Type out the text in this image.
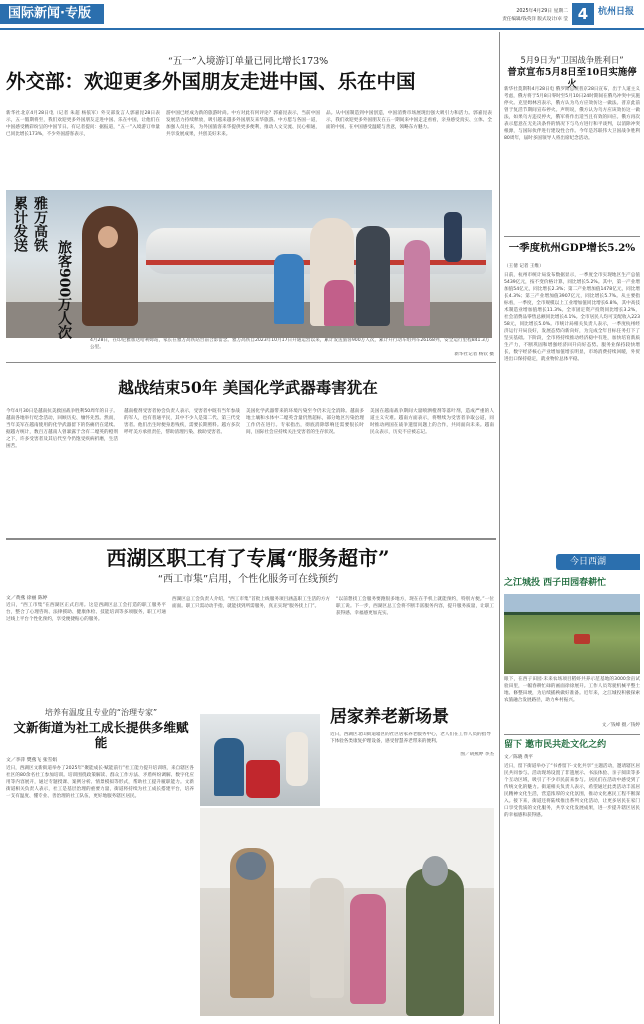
国际新闻·专版	2025年4月29日 星期二
责任编辑/钱英洋 版式设计/卓 莹 4	杭州日报
“五一”入境游订单量已同比增长173%
外交部：欢迎更多外国朋友走进中国、乐在中国
新华社北京4月28日电（记者 朱超 杨依军）外交部发言人郭嘉昆28日表示，五一假期将至，我们欢迎更多外国朋友走进中国、乐在中国，让他们在中国感受精彩纷呈的中国节日。有记者提问：据报道，“五一”入境游订单量已同比增长173%，不少外国游客表示，
游中国已经成为新的旅游时尚。中方对此有何评论？郭嘉昆表示，当前中国发展活力持续释放，吸引越来越多外国朋友来华旅游。中方愿与各国一道，加强人员往来，为外国旅客来华提供更多便利，推动人文交流、民心相通，共享发展成果，共创美好未来。
品。从中国制造到中国创造，中国消费市场展现出强大吸引力和活力。郭嘉昆表示，我们欢迎更多外国朋友在五一期间来中国走走看看，亲身感受真实、立体、全面的中国，在中国感受温暖与善意，领略东方魅力。
雅万高铁
累计发送
旅客900万人次
4月28日，在印尼雅加达哈利姆站，家长在雅万高铁站台前合影留念。雅万高铁自2023年10月17日开通运营以来，累计发送旅客900万人次，累计开行动车组列车26168列，安全运行里程841.3万公里。
新华社记者 杨钦 摄
越战结束50年 美国化学武器毒害犹在
今年4月30日是越南抗美救国战争胜利50周年的日子。越南各地举行纪念活动，回顾历史、缅怀先烈。然而，当年美军在越南使用的化学武器留下的伤痛仍在延续。据越方统计，数百万越南人曾暴露于含有二噁英的橙剂之下，许多受害者及其后代至今仍饱受疾病折磨，生活困苦。
越南橙剂受害者协会负责人表示，受害者中既有当年参战的军人，也有普通平民，其中不少人是第二代、第三代受害者。他们出生时便身患残疾，需要长期照料。越方多次呼吁美方承担责任，帮助清理污染、救助受害者。
美国化学武器带来的环境污染至今仍未完全消除。越南多地土壤和水体中二噁英含量仍然超标，部分地区污染治理工作仍在进行。专家指出，彻底消除影响还需要很长时间，国际社会应持续关注受害者的生存状况。
美国在越南战争期间大量喷洒橙剂等落叶剂，造成严重的人道主义灾难。越南方面表示，将继续为受害者争取公道，同时推动两国在战争遗留问题上的合作，共同面向未来。越南民众表示，历史不应被忘记。
西湖区职工有了专属“服务超市”
“西工市集”启用，个性化服务可在线预约
文／黄燕 徐丽 陈婷
近日，“西工市集”在西湖区正式启用。这是西湖区总工会打造的职工服务平台，整合了心理咨询、法律援助、健康体检、技能培训等多项服务，职工可通过线上平台个性化预约，享受便捷贴心的服务。
西湖区总工会负责人介绍，“西工市集”首批上线服务项目涵盖职工生活的方方面面。职工只需动动手指，就能找到所需服务，真正实现“服务找上门”。
“以前想找工会服务要跑很多地方，现在在手机上就能预约，特别方便。”一位职工说。下一步，西湖区总工会将不断丰富服务内容，提升服务质量，让职工获得感、幸福感更加充实。
培养有温度且专业的“治理专家”
文新街道为社工成长提供多维赋能
文／李萍 樊燕飞 张雪娟
近日，西湖区文新街道举办了2025年“聚能成长·赋能前行”社工能力提升培训班，来自辖区各社区的80余名社工参加培训。培训围绕政策解读、群众工作方法、矛盾纠纷调解、数字化应用等内容展开，通过专题授课、案例分析、情景模拟等形式，帮助社工提升履职能力。文新街道相关负责人表示，社工是基层治理的重要力量，街道将持续为社工成长搭建平台，培养一支有温度、懂专业、善治理的社工队伍，更好地服务辖区居民。
居家养老新场景
近日，西湖区北山街道辖区的社区居家养老服务中心，老人们在工作人员的指导下体验各类康复护理设备，感受智慧养老带来的便利。
图／胡燕婷 李杰
5月9日为“卫国战争胜利日”
普京宣布5月8日至10日实施停火
新华社莫斯科4月28日电 俄罗斯总统普京28日宣布，出于人道主义考虑，俄方将于5月8日零时至5月10日24时期间在俄乌冲突中实施停火。克里姆林宫表示，俄方认为乌方应效仿这一做法。普京此前曾于复活节期间宣布停火。声明说，俄方认为乌方应该效仿这一做法，如果乌方违反停火，俄军将作出适当且有效的回应。俄方再次表示愿意在无先决条件的情况下与乌方进行和平谈判，以消除冲突根源，与国际伙伴进行建设性合作。今年是苏联伟大卫国战争胜利80周年，届时多国领导人将出席纪念活动。
一季度杭州GDP增长5.2%
（王倩 记者 王维）
日前，杭州市统计局发布数据显示，一季度全市实现地区生产总值5439亿元，按不变价格计算，同比增长5.2%。其中，第一产业增加值54亿元，同比增长2.3%；第二产业增加值1478亿元，同比增长4.3%；第三产业增加值3907亿元，同比增长5.7%。从主要指标看，一季度，全市规模以上工业增加值同比增长6.8%，其中高技术制造业增加值增长11.3%。全市固定资产投资同比增长3.2%，社会消费品零售总额同比增长4.1%。全市居民人均可支配收入22358元，同比增长5.0%。市统计局相关负责人表示，一季度杭州经济运行开局良好，发展态势向新向好，为完成全年目标任务打下了坚实基础。下阶段，全市将持续推动经济稳中有进，加快培育新质生产力，不断巩固和增强经济回升向好态势。服务业保持较快增长，数字经济核心产业增加值增长明显，市场消费持续回暖，外贸进出口保持稳定，就业物价总体平稳。
今日西湖
之江城投 西子田园春耕忙
眼下，在西子田园·未来农场项目稻虾共养示范基地的3000余亩试验田里，一幅春耕忙碌的画面徐徐展开。工作人员驾驶机械平整土地、修整田埂，为后续插秧做好准备。近年来，之江城投积极探索农旅融合发展路径，助力乡村振兴。
文／钱峰 摄／钱婷
留下 邀市民共赴文化之约
文／陈晓 黄平
近日，留下街道举办了“书香留下·文化共享”主题活动，邀请辖区居民共同参与。活动现场设置了非遗展示、书法体验、亲子阅读等多个互动区域，吸引了不少市民前来参与。居民们在活动中感受到了传统文化的魅力。街道相关负责人表示，希望通过此类活动丰富居民精神文化生活，营造浓厚的文化氛围，推动文化惠民工程不断深入。接下来，街道还将陆续推出系列文化活动，让更多居民在家门口享受优质的文化服务，共享文化发展成果，进一步提升辖区居民的幸福感和获得感。
